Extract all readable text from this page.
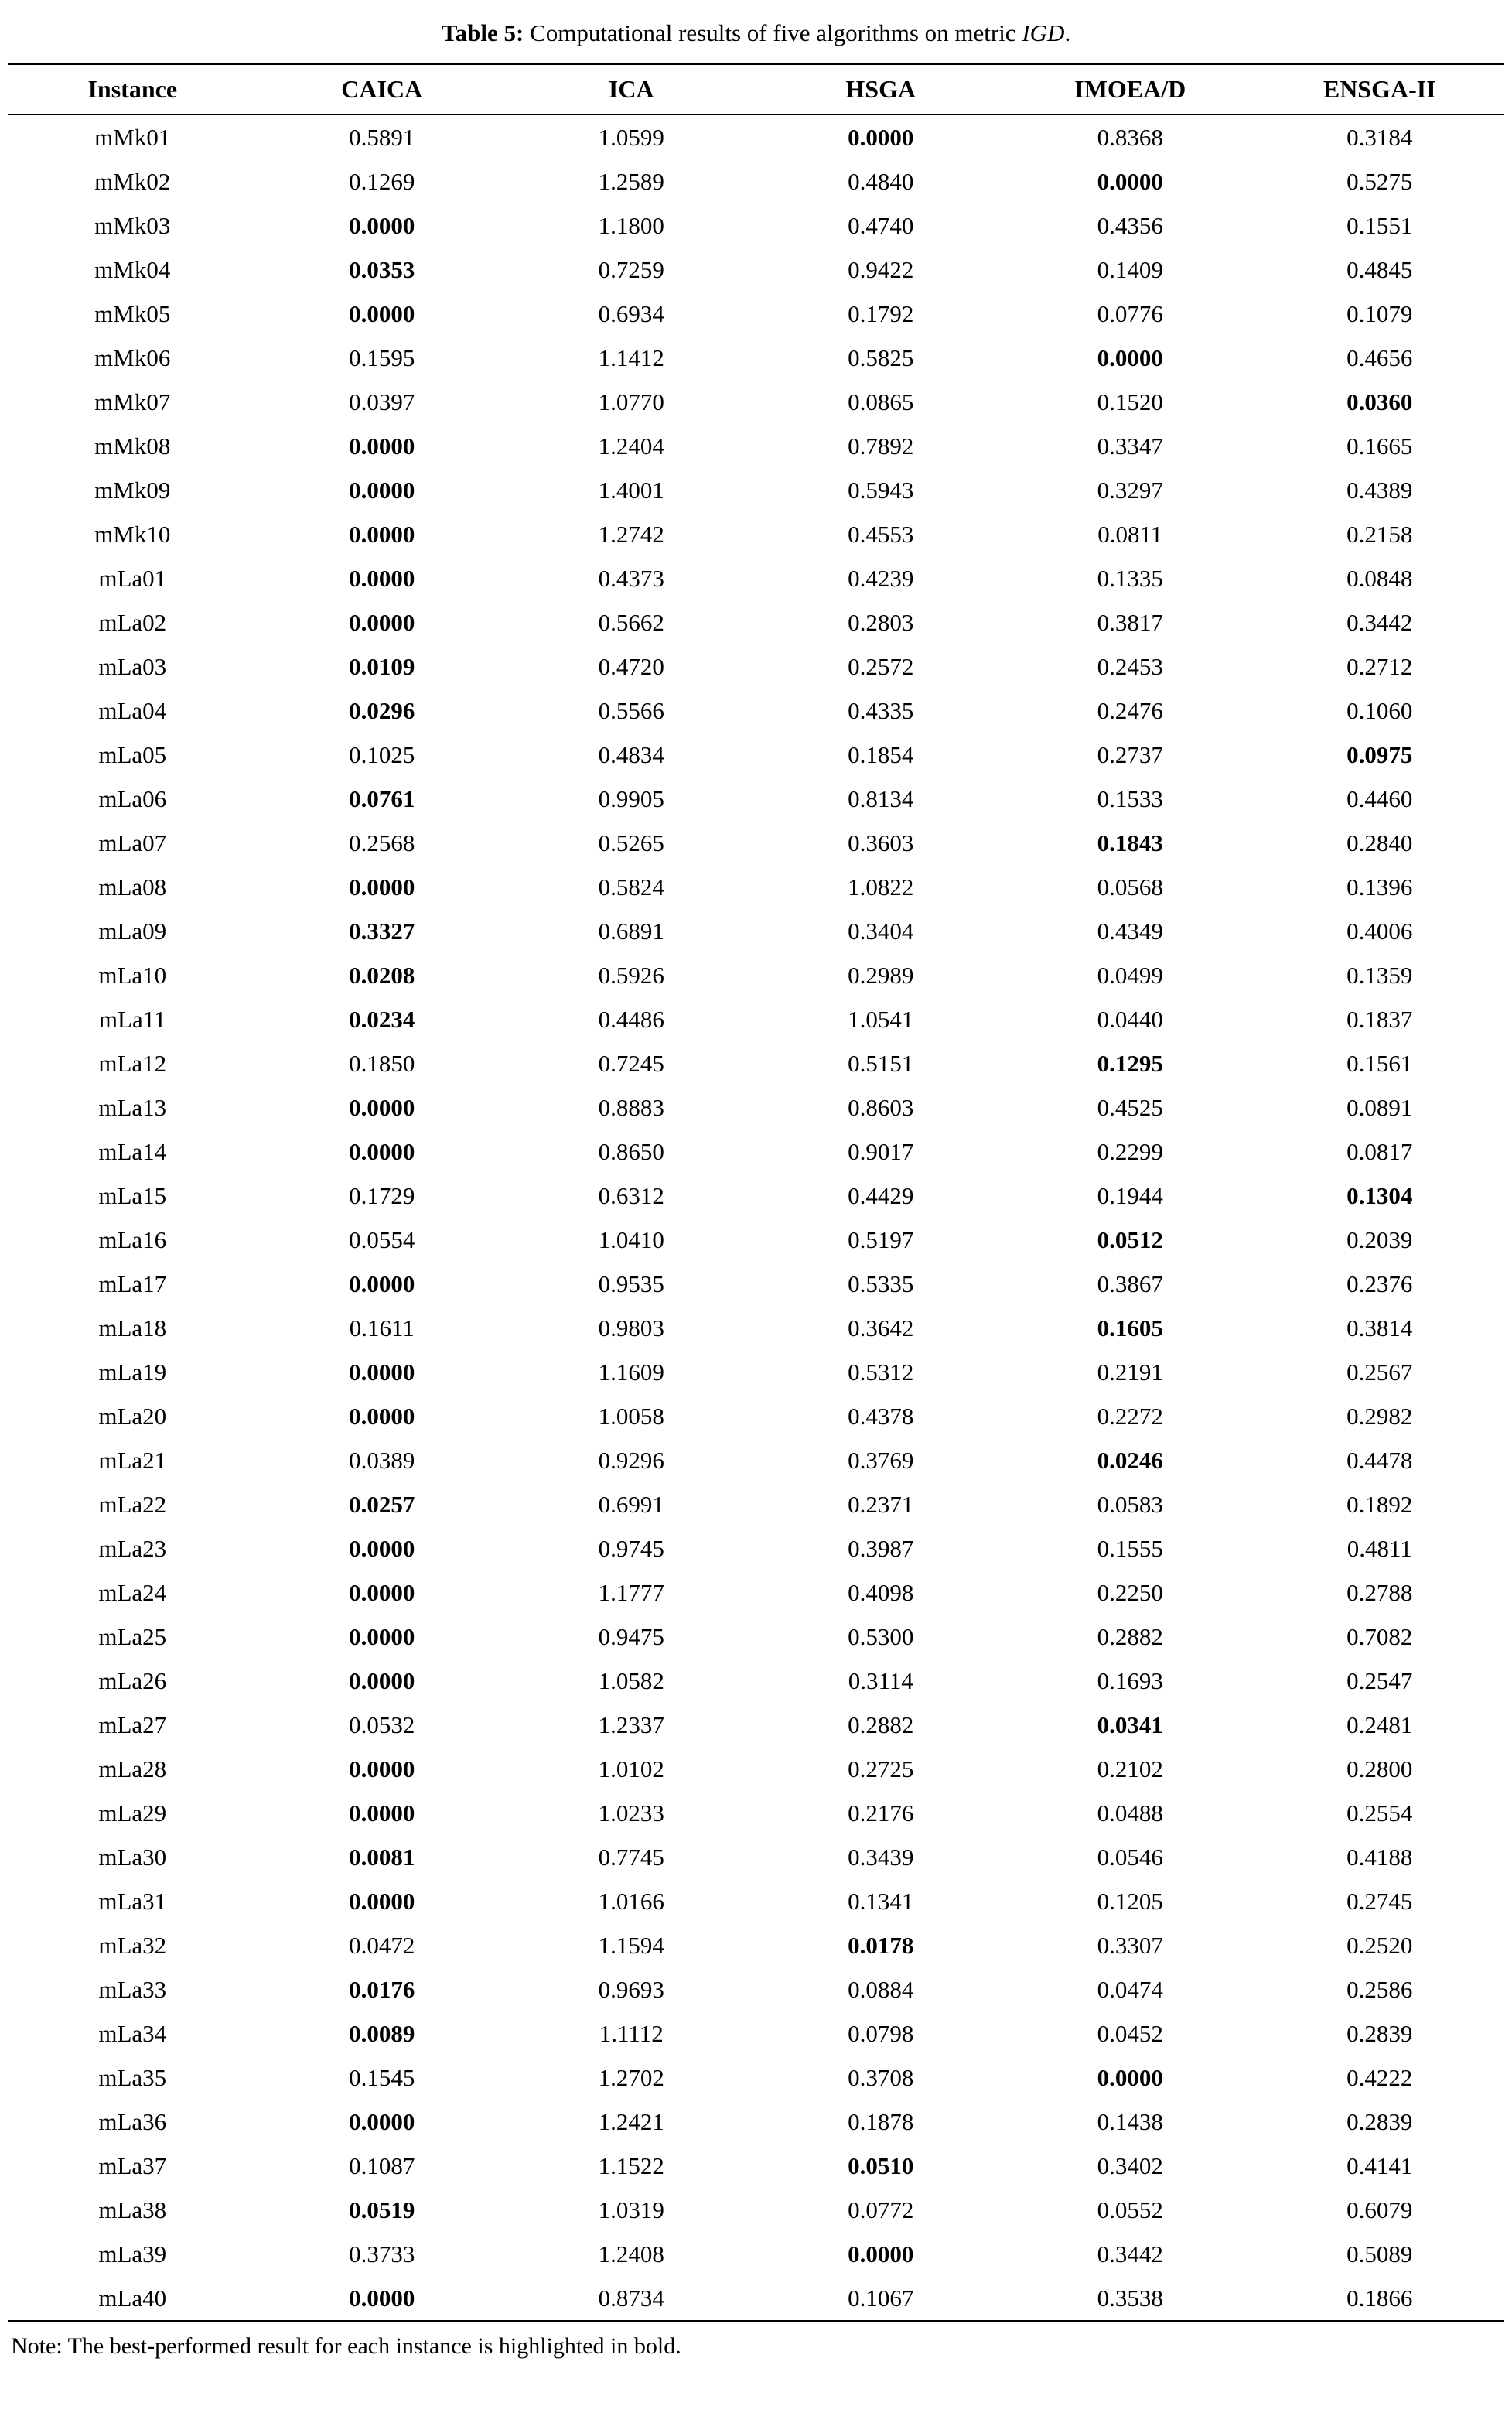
Table 5: Computational results of five algorithms on metric IGD.
Instance	CAICA	ICA	HSGA	IMOEA/D	ENSGA-II
mMk01	0.5891	1.0599	0.0000	0.8368	0.3184
mMk02	0.1269	1.2589	0.4840	0.0000	0.5275
mMk03	0.0000	1.1800	0.4740	0.4356	0.1551
mMk04	0.0353	0.7259	0.9422	0.1409	0.4845
mMk05	0.0000	0.6934	0.1792	0.0776	0.1079
mMk06	0.1595	1.1412	0.5825	0.0000	0.4656
mMk07	0.0397	1.0770	0.0865	0.1520	0.0360
mMk08	0.0000	1.2404	0.7892	0.3347	0.1665
mMk09	0.0000	1.4001	0.5943	0.3297	0.4389
mMk10	0.0000	1.2742	0.4553	0.0811	0.2158
mLa01	0.0000	0.4373	0.4239	0.1335	0.0848
mLa02	0.0000	0.5662	0.2803	0.3817	0.3442
mLa03	0.0109	0.4720	0.2572	0.2453	0.2712
mLa04	0.0296	0.5566	0.4335	0.2476	0.1060
mLa05	0.1025	0.4834	0.1854	0.2737	0.0975
mLa06	0.0761	0.9905	0.8134	0.1533	0.4460
mLa07	0.2568	0.5265	0.3603	0.1843	0.2840
mLa08	0.0000	0.5824	1.0822	0.0568	0.1396
mLa09	0.3327	0.6891	0.3404	0.4349	0.4006
mLa10	0.0208	0.5926	0.2989	0.0499	0.1359
mLa11	0.0234	0.4486	1.0541	0.0440	0.1837
mLa12	0.1850	0.7245	0.5151	0.1295	0.1561
mLa13	0.0000	0.8883	0.8603	0.4525	0.0891
mLa14	0.0000	0.8650	0.9017	0.2299	0.0817
mLa15	0.1729	0.6312	0.4429	0.1944	0.1304
mLa16	0.0554	1.0410	0.5197	0.0512	0.2039
mLa17	0.0000	0.9535	0.5335	0.3867	0.2376
mLa18	0.1611	0.9803	0.3642	0.1605	0.3814
mLa19	0.0000	1.1609	0.5312	0.2191	0.2567
mLa20	0.0000	1.0058	0.4378	0.2272	0.2982
mLa21	0.0389	0.9296	0.3769	0.0246	0.4478
mLa22	0.0257	0.6991	0.2371	0.0583	0.1892
mLa23	0.0000	0.9745	0.3987	0.1555	0.4811
mLa24	0.0000	1.1777	0.4098	0.2250	0.2788
mLa25	0.0000	0.9475	0.5300	0.2882	0.7082
mLa26	0.0000	1.0582	0.3114	0.1693	0.2547
mLa27	0.0532	1.2337	0.2882	0.0341	0.2481
mLa28	0.0000	1.0102	0.2725	0.2102	0.2800
mLa29	0.0000	1.0233	0.2176	0.0488	0.2554
mLa30	0.0081	0.7745	0.3439	0.0546	0.4188
mLa31	0.0000	1.0166	0.1341	0.1205	0.2745
mLa32	0.0472	1.1594	0.0178	0.3307	0.2520
mLa33	0.0176	0.9693	0.0884	0.0474	0.2586
mLa34	0.0089	1.1112	0.0798	0.0452	0.2839
mLa35	0.1545	1.2702	0.3708	0.0000	0.4222
mLa36	0.0000	1.2421	0.1878	0.1438	0.2839
mLa37	0.1087	1.1522	0.0510	0.3402	0.4141
mLa38	0.0519	1.0319	0.0772	0.0552	0.6079
mLa39	0.3733	1.2408	0.0000	0.3442	0.5089
mLa40	0.0000	0.8734	0.1067	0.3538	0.1866
Note: The best-performed result for each instance is highlighted in bold.
